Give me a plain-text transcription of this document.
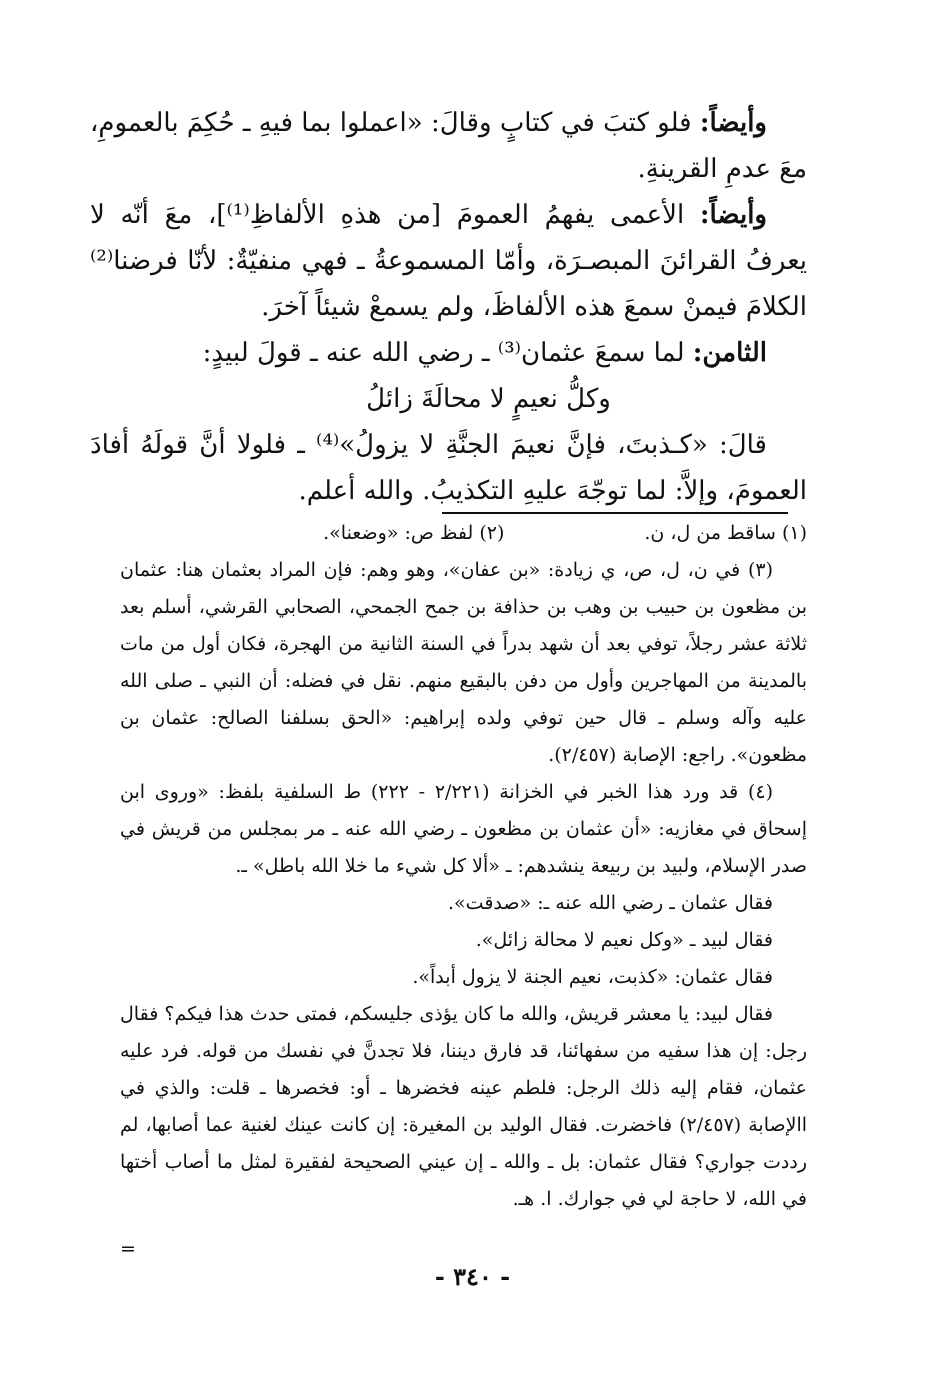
وأيضاً: فلو كتبَ في كتابٍ وقالَ: «اعملوا بما فيهِ ـ حُكِمَ بالعمومِ، معَ عدمِ القرينةِ.

وأيضاً: الأعمى يفهمُ العمومَ [من هذهِ الألفاظِ⁽¹⁾]، معَ أنّه لا يعرفُ القرائنَ المبصـرَة، وأمّا المسموعةُ ـ فهي منفيّةٌ: لأنّا فرضنا⁽²⁾ الكلامَ فيمنْ سمعَ هذه الألفاظَ، ولم يسمعْ شيئاً آخرَ.

الثامن: لما سمعَ عثمان⁽³⁾ ـ رضي الله عنه ـ قولَ لبيدٍ:

وكلُّ نعيمٍ لا محالَةَ زائلُ

قالَ: «كـذبتَ، فإنَّ نعيمَ الجنَّةِ لا يزولُ»⁽⁴⁾ ـ فلولا أنَّ قولَهُ أفادَ العمومَ، وإلاَّ: لما توجّهَ عليهِ التكذيبُ. والله أعلم.

(١) ساقط من ل، ن.
(٢) لفظ ص: «وضعنا».

(٣) في ن، ل، ص، ي زيادة: «بن عفان»، وهو وهم: فإن المراد بعثمان هنا: عثمان بن مظعون بن حبيب بن وهب بن حذافة بن جمح الجمحي، الصحابي القرشي، أسلم بعد ثلاثة عشر رجلاً، توفي بعد أن شهد بدراً في السنة الثانية من الهجرة، فكان أول من مات بالمدينة من المهاجرين وأول من دفن بالبقيع منهم. نقل في فضله: أن النبي ـ صلى الله عليه وآله وسلم ـ قال حين توفي ولده إبراهيم: «الحق بسلفنا الصالح: عثمان بن مظعون». راجع: الإصابة (٢/٤٥٧).

(٤) قد ورد هذا الخبر في الخزانة (٢/٢٢١ - ٢٢٢) ط السلفية بلفظ: «وروى ابن إسحاق في مغازيه: «أن عثمان بن مظعون ـ رضي الله عنه ـ مر بمجلس من قريش في صدر الإسلام، ولبيد بن ربيعة ينشدهم: ـ «ألا كل شيء ما خلا الله باطل» ـ.

فقال عثمان ـ رضي الله عنه ـ: «صدقت».

فقال لبيد ـ «وكل نعيم لا محالة زائل».

فقال عثمان: «كذبت، نعيم الجنة لا يزول أبداً».

فقال لبيد: يا معشر قريش، والله ما كان يؤذى جليسكم، فمتى حدث هذا فيكم؟ فقال رجل: إن هذا سفيه من سفهائنا، قد فارق ديننا، فلا تجدنَّ في نفسك من قوله. فرد عليه عثمان، فقام إليه ذلك الرجل: فلطم عينه فخضرها ـ أو: فخصرها ـ قلت: والذي في االإصابة (٢/٤٥٧) فاخضرت. فقال الوليد بن المغيرة: إن كانت عينك لغنية عما أصابها، لم رددت جواري؟ فقال عثمان: بل ـ والله ـ إن عيني الصحيحة لفقيرة لمثل ما أصاب أختها في الله، لا حاجة لي في جوارك. ا. هـ.

=
- ٣٤٠ -
